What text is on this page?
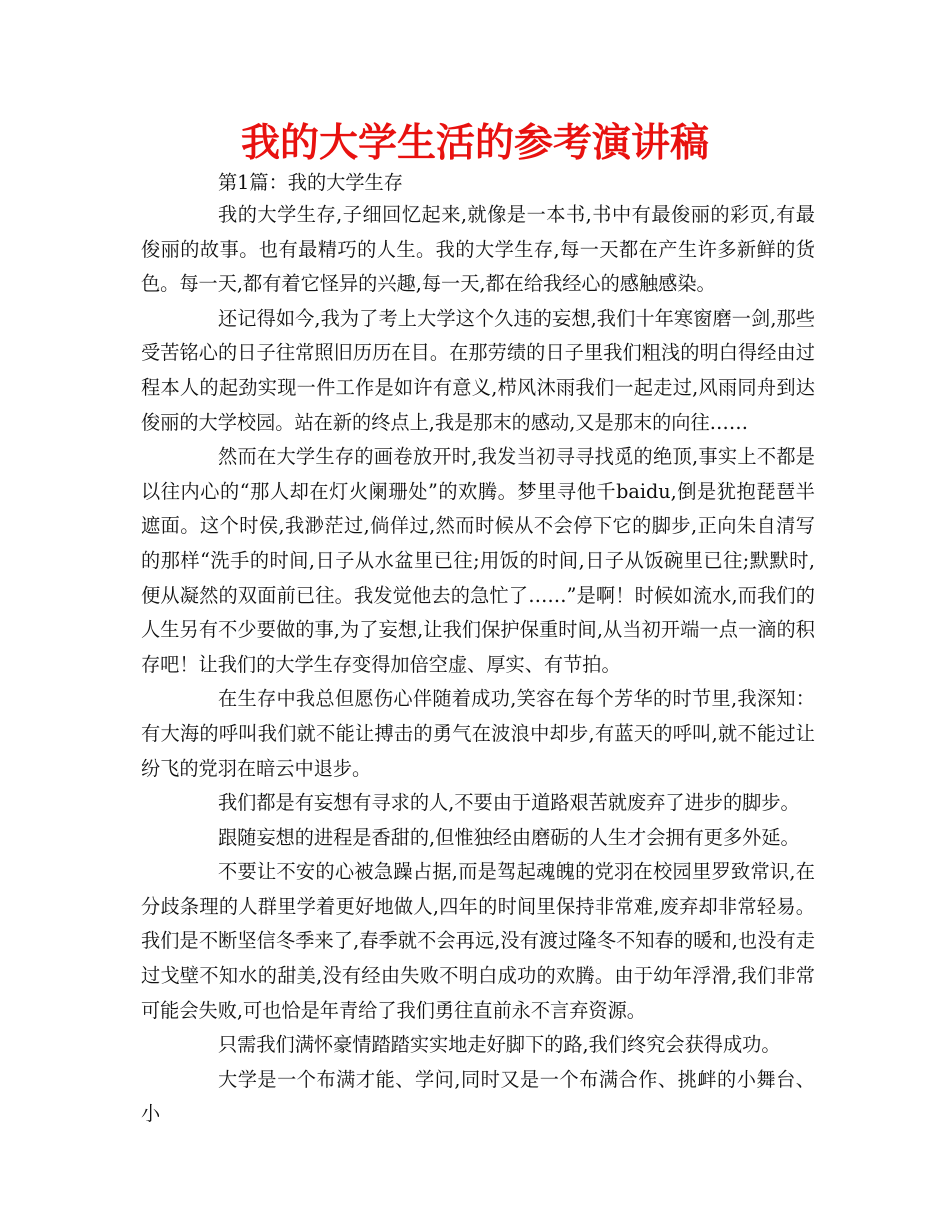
我的大学生活的参考演讲稿
第1篇：我的大学生存

我的大学生存,子细回忆起来,就像是一本书,书中有最俊丽的彩页,有最俊丽的故事。也有最精巧的人生。我的大学生存,每一天都在产生许多新鲜的货色。每一天,都有着它怪异的兴趣,每一天,都在给我经心的感触感染。

还记得如今,我为了考上大学这个久违的妄想,我们十年寒窗磨一剑,那些受苦铭心的日子往常照旧历历在目。在那劳绩的日子里我们粗浅的明白得经由过程本人的起劲实现一件工作是如许有意义,栉风沐雨我们一起走过,风雨同舟到达俊丽的大学校园。站在新的终点上,我是那末的感动,又是那末的向往……

然而在大学生存的画卷放开时,我发当初寻寻找觅的绝顶,事实上不都是以往内心的“那人却在灯火阑珊处”的欢腾。梦里寻他千baidu,倒是犹抱琵琶半遮面。这个时侯,我渺茫过,倘佯过,然而时候从不会停下它的脚步,正向朱自清写的那样“洗手的时间,日子从水盆里已往;用饭的时间,日子从饭碗里已往;默默时,便从凝然的双面前已往。我发觉他去的急忙了……”是啊！时候如流水,而我们的人生另有不少要做的事,为了妄想,让我们保护保重时间,从当初开端一点一滴的积存吧！让我们的大学生存变得加倍空虚、厚实、有节拍。

在生存中我总但愿伤心伴随着成功,笑容在每个芳华的时节里,我深知：有大海的呼叫我们就不能让搏击的勇气在波浪中却步,有蓝天的呼叫,就不能过让纷飞的党羽在暗云中退步。

我们都是有妄想有寻求的人,不要由于道路艰苦就废弃了进步的脚步。

跟随妄想的进程是香甜的,但惟独经由磨砺的人生才会拥有更多外延。

不要让不安的心被急躁占据,而是驾起魂魄的党羽在校园里罗致常识,在分歧条理的人群里学着更好地做人,四年的时间里保持非常难,废弃却非常轻易。我们是不断坚信冬季来了,春季就不会再远,没有渡过隆冬不知春的暖和,也没有走过戈壁不知水的甜美,没有经由失败不明白成功的欢腾。由于幼年浮滑,我们非常可能会失败,可也恰是年青给了我们勇往直前永不言弃资源。

只需我们满怀豪情踏踏实实地走好脚下的路,我们终究会获得成功。

大学是一个布满才能、学问,同时又是一个布满合作、挑衅的小舞台、小
